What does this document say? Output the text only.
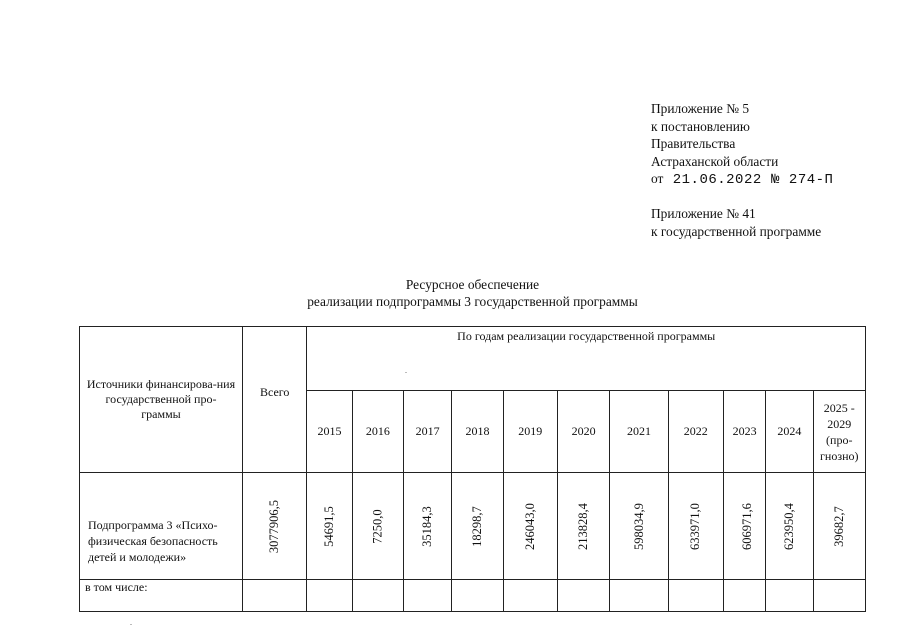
Приложение № 5
к постановлению
Правительства
Астраханской области
от 21.06.2022 № 274-П
Приложение № 41
к государственной программе
Ресурсное обеспечение
реализации подпрограммы 3 государственной программы
Источники финансирова-ния государственной про-граммы	Всего	По годам реализации государственной программы										
		2015	2016	2017	2018	2019	2020	2021	2022	2023	2024	2025 - 2029 (про-гнозно)
Подпрограмма 3 «Психо-физическая безопасность детей и молодежи»	3077906,5	54691,5	7250,0	35184,3	18298,7	246043,0	213828,4	598034,9	633971,0	606971,6	623950,4	39682,7
в том числе:												
